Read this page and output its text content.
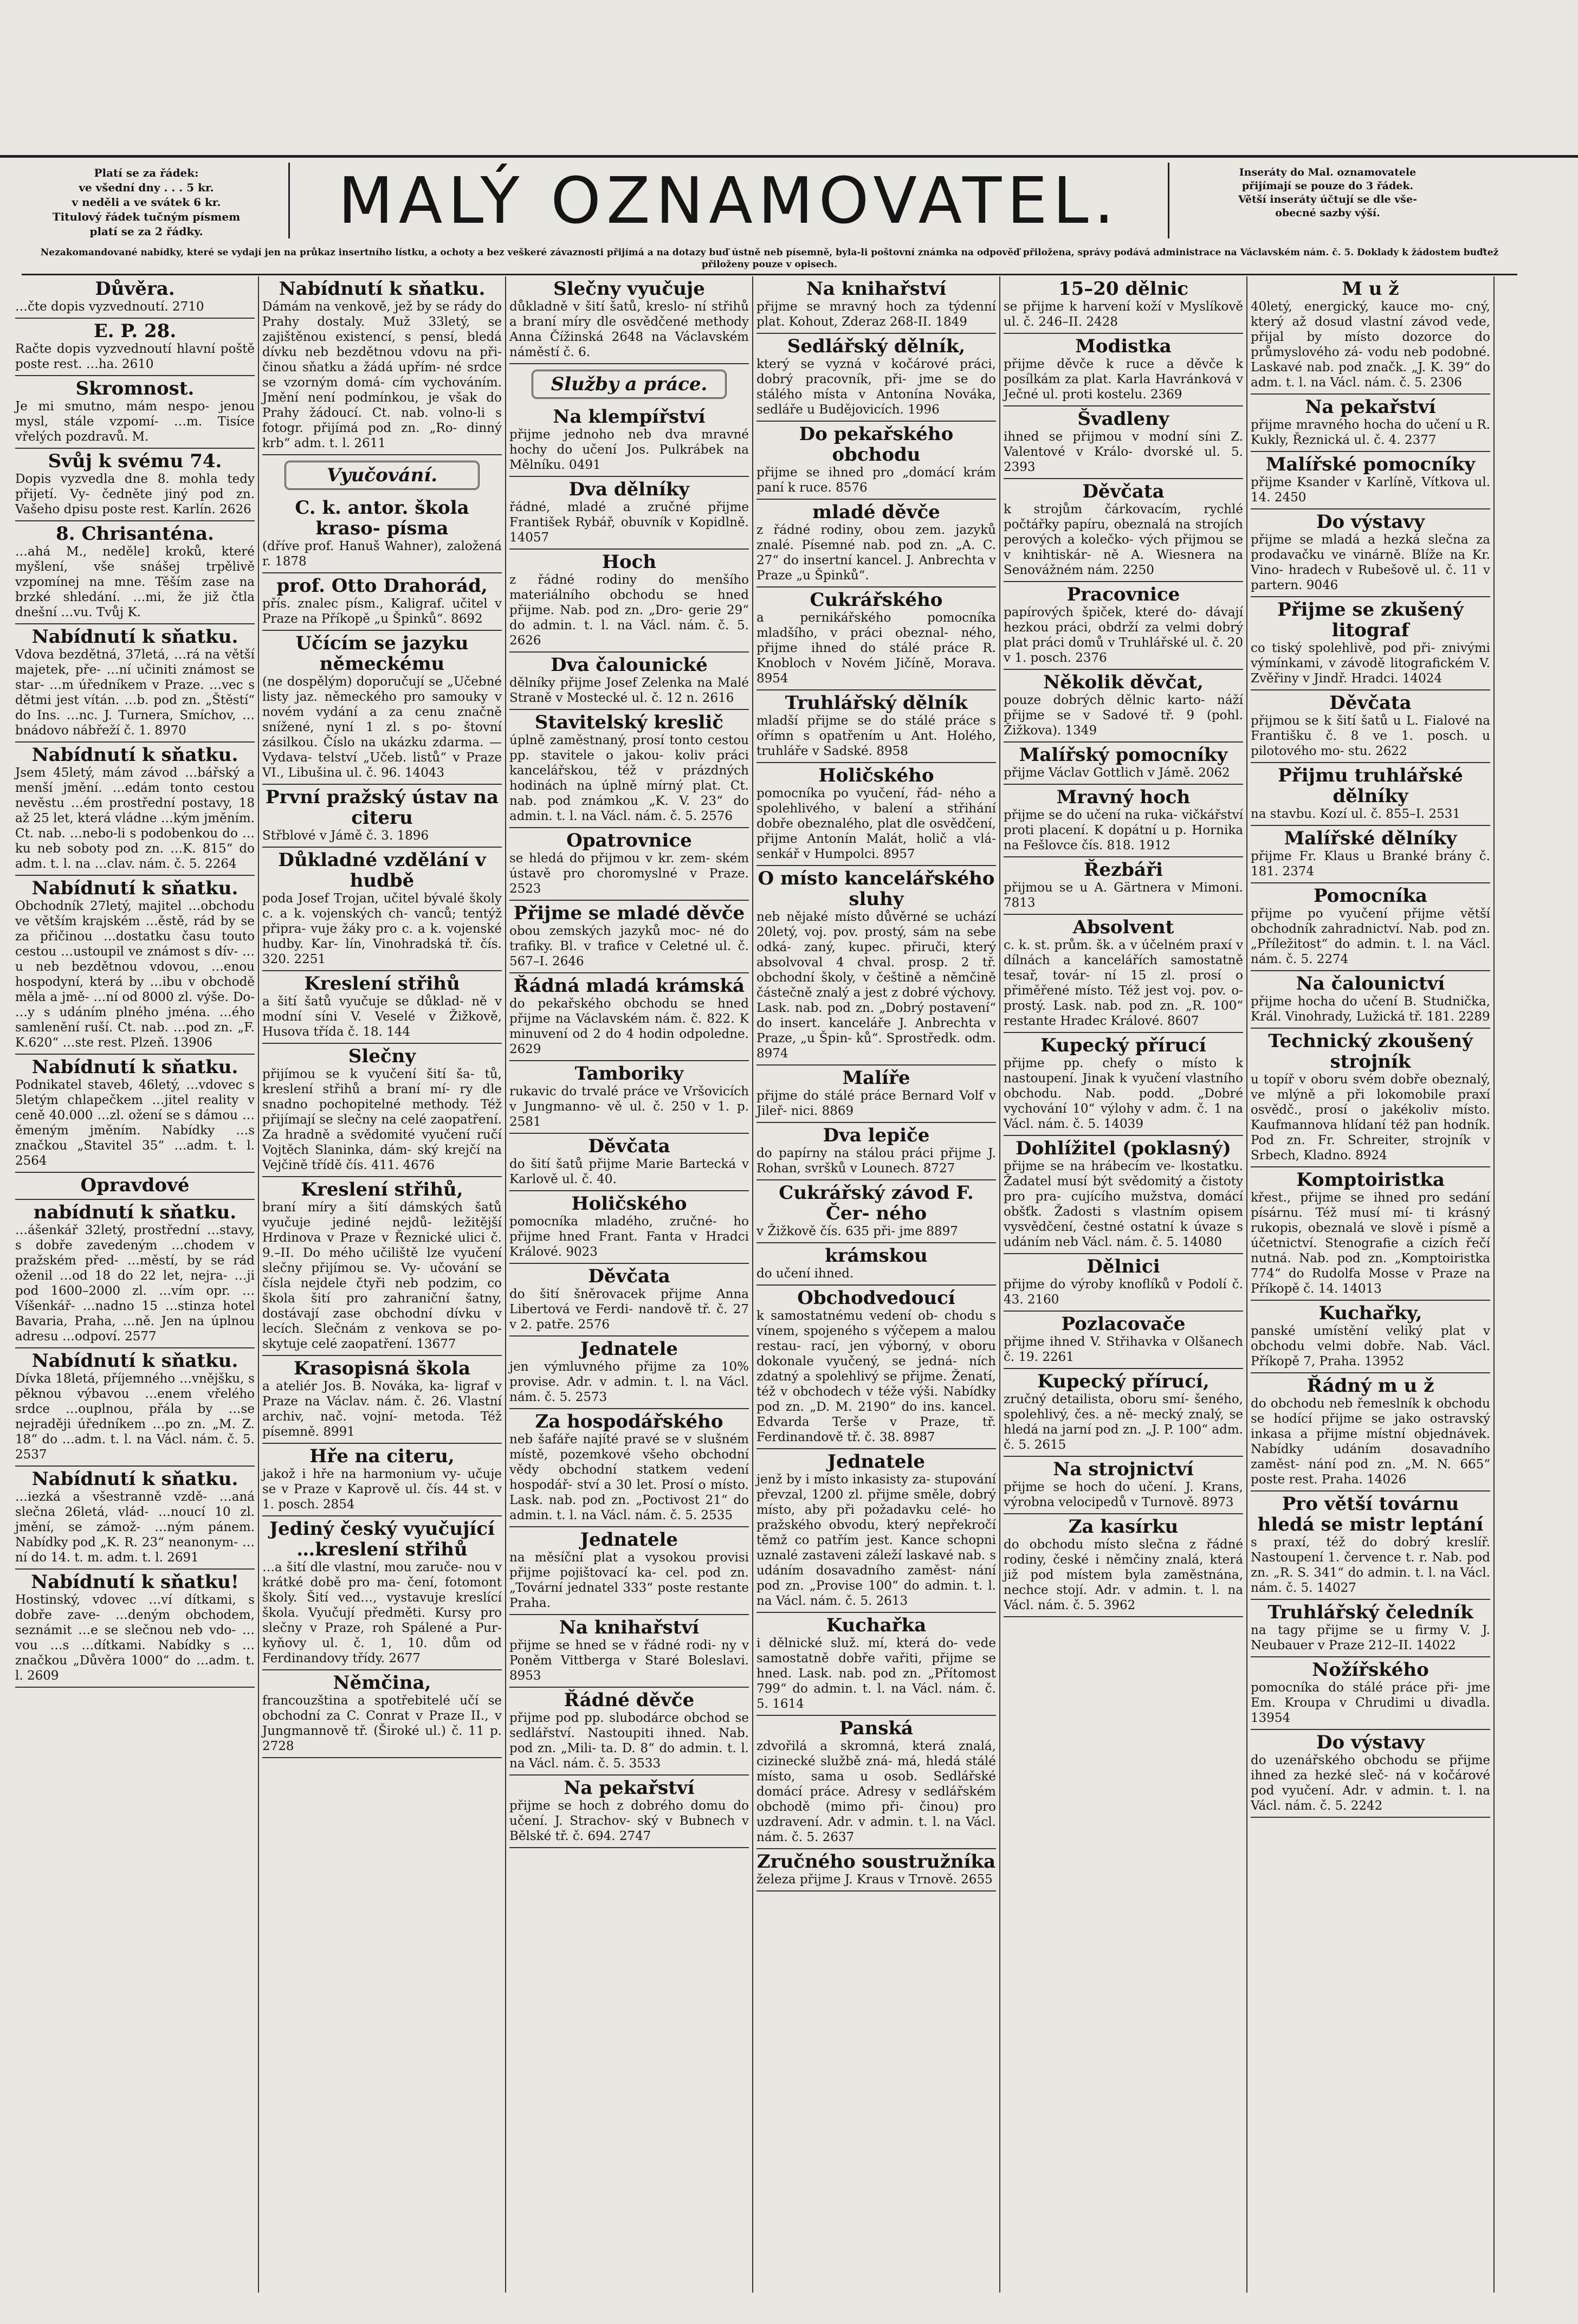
Platí se za řádek:
ve všední dny . . . 5 kr.
v neděli a ve svátek 6 kr.
Titulový řádek tučným písmem
platí se za 2 řádky.	MALÝ OZNAMOVATEL.	Inseráty do Mal. oznamovatele
přijímají se pouze do 3 řádek.
Větší inseráty účtují se dle vše-
obecné sazby výší.
Nezakomandované nabídky, které se vydají jen na průkaz insertního lístku, a ochoty a bez veškeré závaznosti přijímá a na dotazy buď ústně neb písemně, byla-li poštovní známka na odpověď přiložena, správy podává administrace na Václavském nám. č. 5. Doklady k žádostem buďtež přiloženy pouze v opisech.
Důvěra.
…čte dopis vyzvednoutí. 2710
E. P. 28.
Račte dopis vyzvednoutí hlavní poště poste rest. …ha. 2610
Skromnost.
Je mi smutno, mám nespo- jenou mysl, stále vzpomí- …m. Tisíce vřelých pozdravů. M.
Svůj k svému 74.
Dopis vyzvedla dne 8. mohla tedy přijetí. Vy- čedněte jiný pod zn. Vašeho dpisu poste rest. Karlín. 2626
8. Chrisanténa.
…ahá M., neděle] kroků, které myšlení, vše snášej trpělivě vzpomínej na mne. Těším zase na brzké shledání. …mi, že již čtla dnešní …vu. Tvůj K.
Nabídnutí k sňatku.
Vdova bezdětná, 37letá, …rá na větší majetek, pře- …ní učiniti známost se star- …m úředníkem v Praze. …vec s dětmi jest vítán. …b. pod zn. „Štěstí“ do Ins. …nc. J. Turnera, Smíchov, …bnádovo nábřeží č. 1. 8970
Nabídnutí k sňatku.
Jsem 45letý, mám závod …bářský a menší jmění. …edám tonto cestou nevěstu …ém prostřední postavy, 18 až 25 let, která vládne …kým jměním. Ct. nab. …nebo-li s podobenkou do …ku neb soboty pod zn. …K. 815“ do adm. t. l. na …clav. nám. č. 5. 2264
Nabídnutí k sňatku.
Obchodník 27letý, majitel …obchodu ve větším krajském …ěstě, rád by se za přičinou …dostatku času touto cestou …ustoupil ve známost s dív- …u neb bezdětnou vdovou, …enou hospodyní, která by …ibu v obchodě měla a jmě- …ní od 8000 zl. výše. Do- …y s udáním plného jména. …ého samlenění ruší. Ct. nab. …pod zn. „F. K.620“ …ste rest. Plzeň. 13906
Nabídnutí k sňatku.
Podnikatel staveb, 46letý, …vdovec s 5letým chlapečkem …jitel reality v ceně 40.000 …zl. ožení se s dámou …ěmeným jměním. Nabídky …s značkou „Stavitel 35“ …adm. t. l. 2564
Opravdové
nabídnutí k sňatku.
…ášenkář 32letý, prostřední …stavy, s dobře zavedeným …chodem v pražském před- …městí, by se rád oženil …od 18 do 22 let, nejra- …ji pod 1600–2000 zl. …vím opr. …Víšenkář- …nadno 15 …stinza hotel Bavaria, Praha, …ně. Jen na úplnou adresu …odpoví. 2577
Nabídnutí k sňatku.
Dívka 18letá, příjemného …vnějšku, s pěknou výbavou …enem vřelého srdce …ouplnou, přála by …se nejraději úředníkem …po zn. „M. Z. 18“ do …adm. t. l. na Václ. nám. č. 5. 2537
Nabídnutí k sňatku.
…iezká a všestranně vzdě- …aná slečna 26letá, vlád- …noucí 10 zl. jmění, se zámož- …ným pánem. Nabídky pod „K. R. 23“ neanonym- …ní do 14. t. m. adm. t. l. 2691
Nabídnutí k sňatku!
Hostinský, vdovec …ví dítkami, s dobře zave- …deným obchodem, seznámit …e se slečnou neb vdo- …vou …s …dítkami. Nabídky s …značkou „Důvěra 1000“ do …adm. t. l. 2609
Nabídnutí k sňatku.
Dámám na venkově, jež by se rády do Prahy dostaly. Muž 33letý, se zajištěnou existencí, s pensí, bledá dívku neb bezdětnou vdovu na při- činou sňatku a žádá upřím- né srdce se vzorným domá- cím vychováním. Jmění není podmínkou, je však do Prahy žádoucí. Ct. nab. volno-li s fotogr. přijímá pod zn. „Ro- dinný krb“ adm. t. l. 2611
Vyučování.
C. k. antor. škola kraso- písma
(dříve prof. Hanuš Wahner), založená r. 1878
prof. Otto Drahorád,
přís. znalec písm., Kaligraf. učitel v Praze na Příkopě „u Špinků“. 8692
Učícím se jazyku německému
(ne dospělým) doporučují se „Učebné listy jaz. německého pro samouky v novém vydání a za cenu značně snížené, nyní 1 zl. s po- štovní zásilkou. Číslo na ukázku zdarma. — Vydava- telství „Učeb. listů“ v Praze VI., Libušina ul. č. 96. 14043
První pražský ústav na citeru
Střblové v Jámě č. 3. 1896
Důkladné vzdělání v hudbě
poda Josef Trojan, učitel bývalé školy c. a k. vojenských ch- vanců; tentýž připra- vuje žáky pro c. a k. vojenské hudby. Kar- lín, Vinohradská tř. čís. 320. 2251
Kreslení střihů
a šití šatů vyučuje se důklad- ně v modní síni V. Veselé v Žižkově, Husova třída č. 18. 144
Slečny
přijímou se k vyučení šití ša- tů, kreslení střihů a braní mí- ry dle snadno pochopitelné methody. Též přijímají se slečny na celé zaopatření. Za hradně a svědomité vyučení ručí Vojtěch Slaninka, dám- ský krejčí na Vejčině třídě čís. 411. 4676
Kreslení střihů,
braní míry a šití dámských šatů vyučuje jediné nejdů- ležitější Hrdinova v Praze v Řeznické ulici č. 9.–II. Do mého učiliště lze vyučení slečny přijímou se. Vy- učování se čísla nejdele čtyři neb podzim, co škola šití pro zahraniční šatny, dostávají zase obchodní dívku v lecích. Slečnám z venkova se po- skytuje celé zaopatření. 13677
Krasopisná škola
a ateliér Jos. B. Nováka, ka- ligraf v Praze na Václav. nám. č. 26. Vlastní archiv, nač. vojní- metoda. Též písemně. 8991
Hře na citeru,
jakož i hře na harmonium vy- učuje se v Praze v Kaprově ul. čís. 44 st. v 1. posch. 2854
Jediný český vyučující …kreslení střihů
…a šití dle vlastní, mou zaruče- nou v krátké době pro ma- čení, fotomont školy. Šití ved…, vystavuje kreslící škola. Vyučují předměti. Kursy pro slečny v Praze, roh Spálené a Pur- kyňovy ul. č. 1, 10. dům od Ferdinandovy třídy. 2677
Němčina,
francouzština a spotřebitelé učí se obchodní za C. Conrat v Praze II., v Jungmannově tř. (Široké ul.) č. 11 p. 2728
Slečny vyučuje
důkladně v šití šatů, kreslo- ní střihů a braní míry dle osvědčené methody Anna Čížinská 2648 na Václavském náměstí č. 6.
Služby a práce.
Na klempířství
přijme jednoho neb dva mravné hochy do učení Jos. Pulkrábek na Mělníku. 0491
Dva dělníky
řádné, mladé a zručné přijme František Rybář, obuvník v Kopidlně. 14057
Hoch
z řádné rodiny do menšího materiálního obchodu se hned přijme. Nab. pod zn. „Dro- gerie 29“ do admin. t. l. na Václ. nám. č. 5. 2626
Dva čalounické
dělníky přijme Josef Zelenka na Malé Straně v Mostecké ul. č. 12 n. 2616
Stavitelský kreslič
úplně zaměstnaný, prosí tonto cestou pp. stavitele o jakou- koliv práci kancelářskou, též v prázdných hodinách na úplně mírný plat. Ct. nab. pod známkou „K. V. 23“ do admin. t. l. na Václ. nám. č. 5. 2576
Opatrovnice
se hledá do přijmou v kr. zem- ském ústavě pro choromyslné v Praze. 2523
Přijme se mladé děvče
obou zemských jazyků moc- né do trafiky. Bl. v trafice v Celetné ul. č. 567–I. 2646
Řádná mladá krámská
do pekařského obchodu se hned přijme na Václavském nám. č. 822. K minuvení od 2 do 4 hodin odpoledne. 2629
Tamboriky
rukavic do trvalé práce ve Vršovicích v Jungmanno- vě ul. č. 250 v 1. p. 2581
Děvčata
do šití šatů přijme Marie Bartecká v Karlově ul. č. 40.
Holičského
pomocníka mladého, zručné- ho přijme hned Frant. Fanta v Hradci Králové. 9023
Děvčata
do šití šněrovacek přijme Anna Libertová ve Ferdi- nandově tř. č. 27 v 2. patře. 2576
Jednatele
jen výmluvného přijme za 10% provise. Adr. v admin. t. l. na Václ. nám. č. 5. 2573
Za hospodářského
neb šafáře najíté pravé se v slušném místě, pozemkové všeho obchodní vědy obchodní statkem vedení hospodář- ství a 30 let. Prosí o místo. Lask. nab. pod zn. „Poctivost 21“ do admin. t. l. na Václ. nám. č. 5. 2535
Jednatele
na měsíční plat a vysokou provisi přijme pojištovací ka- cel. pod zn. „Tovární jednatel 333“ poste restante Praha.
Na knihařství
přijme se hned se v řádné rodi- ny v Poněm Vittberga v Staré Boleslavi. 8953
Řádné děvče
přijme pod pp. slubodárce obchod se sedlářství. Nastoupiti ihned. Nab. pod zn. „Mili- ta. D. 8“ do admin. t. l. na Václ. nám. č. 5. 3533
Na pekařství
přijme se hoch z dobrého domu do učení. J. Strachov- ský v Bubnech v Bělské tř. č. 694. 2747
Na knihařství
přijme se mravný hoch za týdenní plat. Kohout, Zderaz 268-II. 1849
Sedlářský dělník,
který se vyzná v kočárové práci, dobrý pracovník, při- jme se do stálého místa v Antonína Nováka, sedláře u Budějovicích. 1996
Do pekařského obchodu
přijme se ihned pro „domácí krám paní k ruce. 8576
mladé děvče
z řádné rodiny, obou zem. jazyků znalé. Písemné nab. pod zn. „A. C. 27“ do insertní kancel. J. Anbrechta v Praze „u Špinků“.
Cukrářského
a pernikářského pomocníka mladšího, v práci obeznal- ného, přijme ihned do stálé práce R. Knobloch v Novém Jičíně, Morava. 8954
Truhlářský dělník
mladší přijme se do stálé práce s ořímn s opatřením u Ant. Holého, truhláře v Sadské. 8958
Holičského
pomocníka po vyučení, řád- ného a spolehlivého, v balení a střihání dobře obeznalého, plat dle osvědčení, přijme Antonín Malát, holič a vlá- senkář v Humpolci. 8957
O místo kancelářského sluhy
neb nějaké místo důvěrné se uchází 20letý, voj. pov. prostý, sám na sebe odká- zaný, kupec. přiruči, který absolvoval 4 chval. prosp. 2 tř. obchodní školy, v češtině a němčině částečně znalý a jest z dobré výchovy. Lask. nab. pod zn. „Dobrý postavení“ do insert. kanceláře J. Anbrechta v Praze, „u Špin- ků“. Sprostředk. odm. 8974
Malíře
přijme do stálé práce Bernard Volf v Jileř- nici. 8869
Dva lepiče
do papírny na stálou práci přijme J. Rohan, svršků v Lounech. 8727
Cukrářský závod F. Čer- ného
v Žižkově čís. 635 při- jme 8897
krámskou
do učení ihned.
Obchodvedoucí
k samostatnému vedení ob- chodu s vínem, spojeného s výčepem a malou restau- rací, jen výborný, v oboru dokonale vyučený, se jedná- ních zdatný a spolehlivý se přijme. Ženatí, též v obchodech v téže výši. Nabídky pod zn. „D. M. 2190“ do ins. kancel. Edvarda Terše v Praze, tř. Ferdinandově tř. č. 38. 8987
Jednatele
jenž by i místo inkasisty za- stupování převzal, 1200 zl. přijme směle, dobrý místo, aby při požadavku celé- ho pražského obvodu, který nepřekročí těmž co patřím jest. Kance schopni uznalé zastaveni záleží laskavé nab. s udáním dosavadního zaměst- nání pod zn. „Provise 100“ do admin. t. l. na Václ. nám. č. 5. 2613
Kuchařka
i dělnické služ. mí, která do- vede samostatně dobře vařiti, přijme se hned. Lask. nab. pod zn. „Přítomost 799“ do admin. t. l. na Václ. nám. č. 5. 1614
Panská
zdvořilá a skromná, která znalá, cizinecké službě zná- má, hledá stálé místo, sama u osob. Sedlářské domácí práce. Adresy v sedlářském obchodě (mimo při- činou) pro uzdravení. Adr. v admin. t. l. na Václ. nám. č. 5. 2637
Zručného soustružníka
železa přijme J. Kraus v Trnově. 2655
15–20 dělnic
se přijme k harvení koží v Myslíkově ul. č. 246–II. 2428
Modistka
přijme děvče k ruce a děvče k posílkám za plat. Karla Havránková v Ječné ul. proti kostelu. 2369
Švadleny
ihned se přijmou v modní síni Z. Valentové v Králo- dvorské ul. 5. 2393
Děvčata
k strojům čárkovacím, rychlé počtářky papíru, obeznalá na strojích perových a kolečko- vých přijmou se v knihtiskár- ně A. Wiesnera na Senovážném nám. 2250
Pracovnice
papírových špiček, které do- dávají hezkou práci, obdrží za velmi dobrý plat práci domů v Truhlářské ul. č. 20 v 1. posch. 2376
Několik děvčat,
pouze dobrých dělnic karto- náží přijme se v Sadové tř. 9 (pohl. Žižkova). 1349
Malířský pomocníky
přijme Václav Gottlich v Jámě. 2062
Mravný hoch
přijme se do učení na ruka- vičkářství proti placení. K dopátní u p. Hornika na Fešlovce čís. 818. 1912
Řezbáři
přijmou se u A. Gärtnera v Mimoni. 7813
Absolvent
c. k. st. prům. šk. a v účelném praxí v dílnách a kancelářích samostatně tesař, továr- ní 15 zl. prosí o přiměřené místo. Též jest voj. pov. o- prostý. Lask. nab. pod zn. „R. 100“ restante Hradec Králové. 8607
Kupecký přírucí
přijme pp. chefy o místo k nastoupení. Jinak k vyučení vlastního obchodu. Nab. podd. „Dobré vychování 10“ výlohy v adm. č. 1 na Václ. nám. č. 5. 14039
Dohlížitel (poklasný)
přijme se na hrábecím ve- lkostatku. Žadatel musí být svědomitý a čistoty pro pra- cujícího mužstva, domácí obšťk. Žadosti s vlastním opisem vysvědčení, čestné ostatní k úvaze s udáním neb Václ. nám. č. 5. 14080
Dělnici
přijme do výroby knoflíků v Podolí č. 43. 2160
Pozlacovače
přijme ihned V. Střihavka v Olšanech č. 19. 2261
Kupecký přírucí,
zručný detailista, oboru smí- šeného, spolehlivý, čes. a ně- mecký znalý, se hledá na jarní pod zn. „J. P. 100“ adm. č. 5. 2615
Na strojnictví
přijme se hoch do učení. J. Krans, výrobna velocipedů v Turnově. 8973
Za kasírku
do obchodu místo slečna z řádné rodiny, české i němčiny znalá, která již pod místem byla zaměstnána, nechce stojí. Adr. v admin. t. l. na Václ. nám. č. 5. 3962
M u ž
40letý, energický, kauce mo- cný, který až dosud vlastní závod vede, přijal by místo dozorce do průmyslového zá- vodu neb podobné. Laskavé nab. pod značk. „J. K. 39“ do adm. t. l. na Václ. nám. č. 5. 2306
Na pekařství
přijme mravného hocha do učení u R. Kukly, Řeznická ul. č. 4. 2377
Malířské pomocníky
přijme Ksander v Karlíně, Vítkova ul. 14. 2450
Do výstavy
přijme se mladá a hezká slečna za prodavačku ve vinárně. Blíže na Kr. Vino- hradech v Rubešově ul. č. 11 v partern. 9046
Přijme se zkušený litograf
co tiský spolehlivě, pod při- znivými výmínkami, v závodě litografickém V. Zvěřiny v Jindř. Hradci. 14024
Děvčata
přijmou se k šití šatů u L. Fialové na Františku č. 8 ve 1. posch. u pilotového mo- stu. 2622
Přijmu truhlářské dělníky
na stavbu. Kozí ul. č. 855–I. 2531
Malířské dělníky
přijme Fr. Klaus u Branké brány č. 181. 2374
Pomocníka
přijme po vyučení přijme větší obchodník zahradnictví. Nab. pod zn. „Příležitost“ do admin. t. l. na Václ. nám. č. 5. 2274
Na čalounictví
přijme hocha do učení B. Studnička, Král. Vinohrady, Lužická tř. 181. 2289
Technický zkoušený strojník
u topíř v oboru svém dobře obeznalý, ve mlýně a při lokomobile praxí osvědč., prosí o jakékoliv místo. Kaufmannova hlídaní též pan hodník. Pod zn. Fr. Schreiter, strojník v Srbech, Kladno. 8924
Komptoiristka
křest., přijme se ihned pro sedání písárnu. Též musí mí- ti krásný rukopis, obeznalá ve slově i písmě a účetnictví. Stenografie a cizích řečí nutná. Nab. pod zn. „Komptoiristka 774“ do Rudolfa Mosse v Praze na Příkopě č. 14. 14013
Kuchařky,
panské umístění veliký plat v obchodu velmi dobře. Nab. Václ. Příkopě 7, Praha. 13952
Řádný m u ž
do obchodu neb řemeslník k obchodu se hodící přijme se jako ostravský inkasa a přijme místní objednávek. Nabídky udáním dosavadního zaměst- nání pod zn. „M. N. 665“ poste rest. Praha. 14026
Pro větší továrnu hledá se mistr leptání
s praxí, též do dobrý kreslíř. Nastoupení 1. července t. r. Nab. pod zn. „R. S. 341“ do admin. t. l. na Václ. nám. č. 5. 14027
Truhlářský čeledník
na tagy přijme se u firmy V. J. Neubauer v Praze 212–II. 14022
Nožířského
pomocníka do stálé práce při- jme Em. Kroupa v Chrudimi u divadla. 13954
Do výstavy
do uzenářského obchodu se přijme ihned za hezké sleč- ná v kočárové pod vyučení. Adr. v admin. t. l. na Václ. nám. č. 5. 2242
